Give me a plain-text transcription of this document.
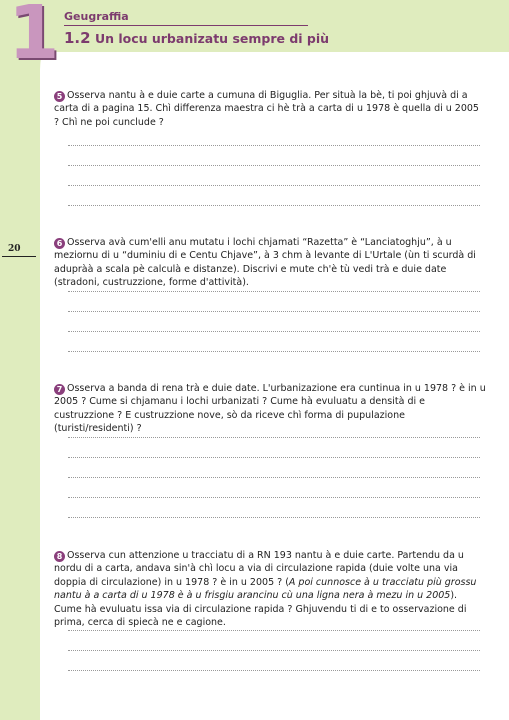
1 Geugraffia
1.2 Un locu urbanizatu sempre di più
20
5 Osserva nantu à e duie carte a cumuna di Biguglia. Per situà la bè, ti poi ghjuvà di a carta di a pagina 15. Chì differenza maestra ci hè trà a carta di u 1978 è quella di u 2005 ? Chì ne poi cunclude ?
6 Osserva avà cum'elli anu mutatu i lochi chjamati “Razetta” è “Lanciatoghju”, à u meziornu di u “duminiu di e Centu Chjave”, à 3 chm à levante di L'Urtale (ùn ti scurdà di adupràà a scala pè calculà e distanze). Discrivi e mute ch'è tù vedi trà e duie date (stradoni, custruzzione, forme d'attività).
7 Osserva a banda di rena trà e duie date. L'urbanizazione era cuntinua in u 1978 ? è in u 2005 ? Cume si chjamanu i lochi urbanizati ? Cume hà evuluatu a densità di e custruzzione ? E custruzzione nove, sò da riceve chì forma di pupulazione (turisti/residenti) ?
8 Osserva cun attenzione u tracciatu di a RN 193 nantu à e duie carte. Partendu da u nordu di a carta, andava sin'à chì locu a via di circulazione rapida (duie volte una via doppia di circulazione) in u 1978 ? è in u 2005 ? (A poi cunnosce à u tracciatu più grossu nantu à a carta di u 1978 è à u frisgiu arancinu cù una ligna nera à mezu in u 2005). Cume hà evuluatu issa via di circulazione rapida ? Ghjuvendu ti di e to osservazione di prima, cerca di spiecà ne e cagione.
